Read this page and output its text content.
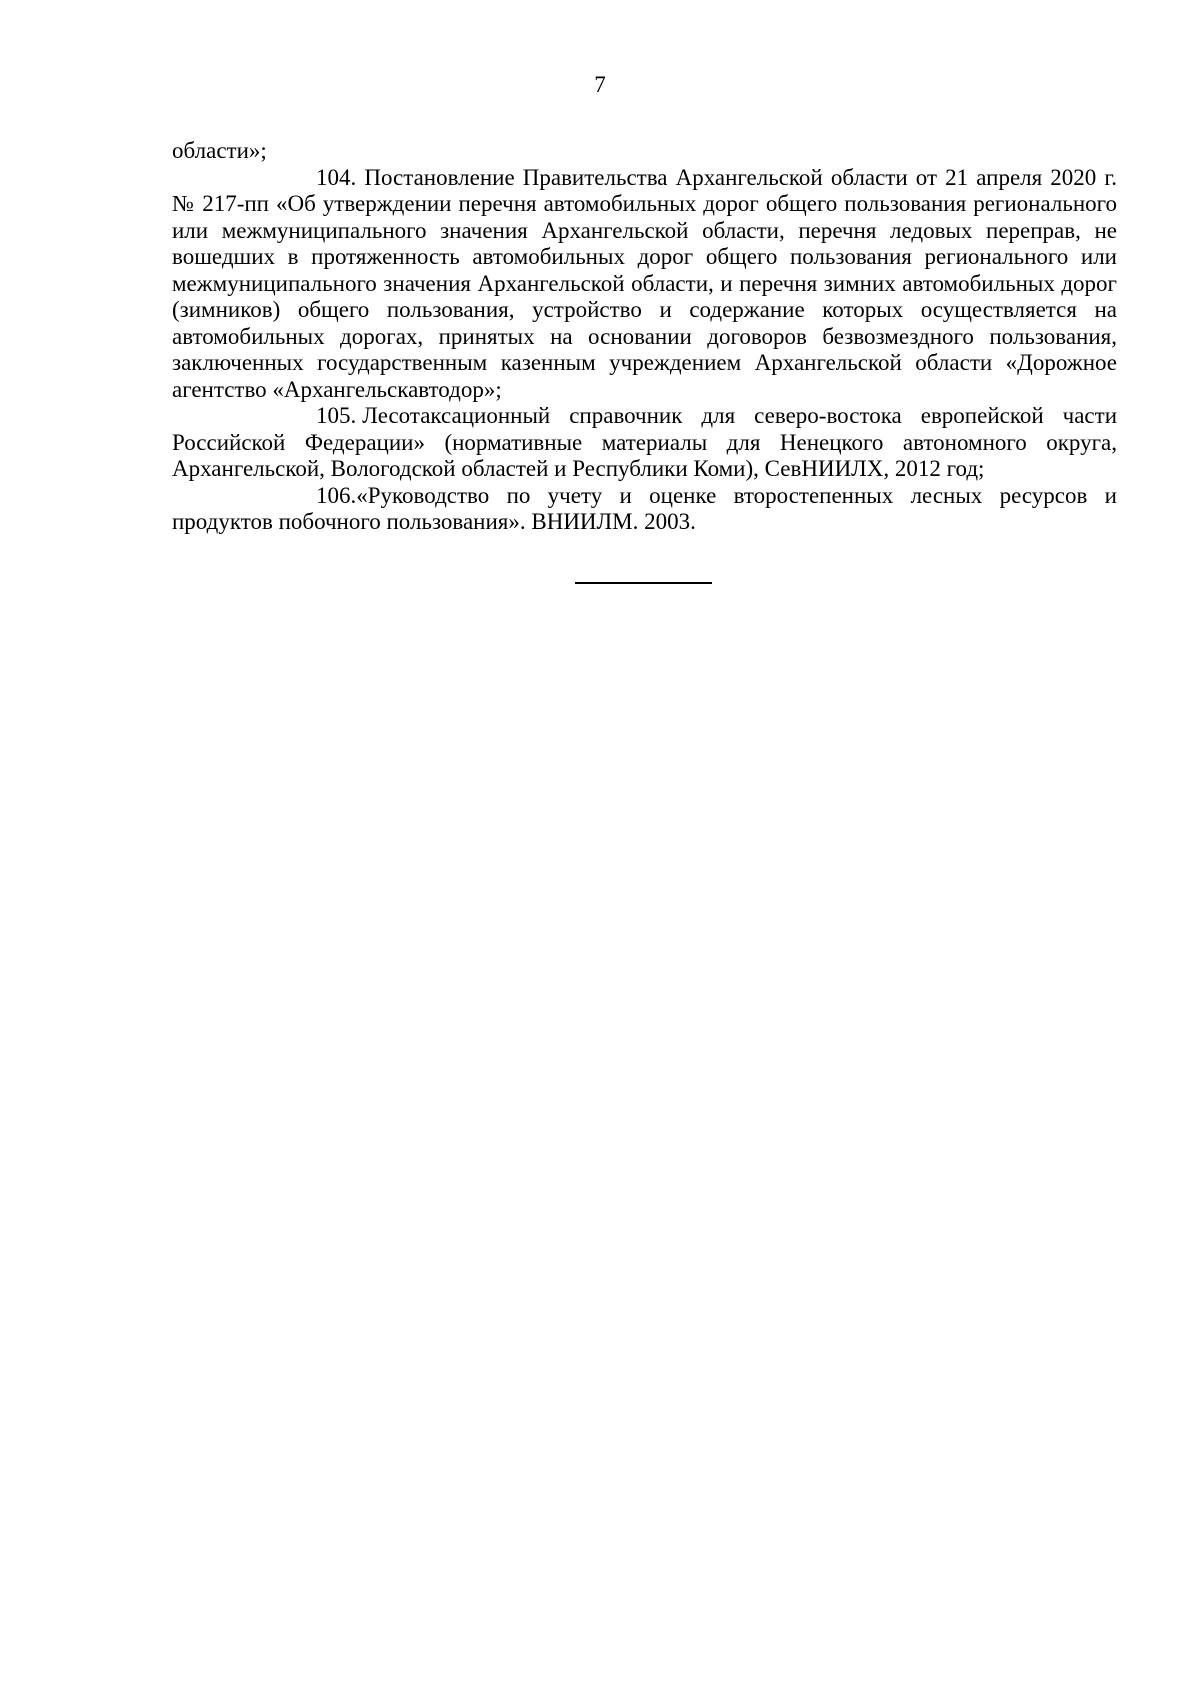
7

области»;

104. Постановление Правительства Архангельской области от 21 апреля 2020 г. № 217-пп «Об утверждении перечня автомобильных дорог общего пользования регионального или межмуниципального значения Архангельской области, перечня ледовых переправ, не вошедших в протяженность автомобильных дорог общего пользования регионального или межмуниципального значения Архангельской области, и перечня зимних автомобильных дорог (зимников) общего пользования, устройство и содержание которых осуществляется на автомобильных дорогах, принятых на основании договоров безвозмездного пользования, заключенных государственным казенным учреждением Архангельской области «Дорожное агентство «Архангельскавтодор»;

105. Лесотаксационный справочник для северо-востока европейской части Российской Федерации» (нормативные материалы для Ненецкого автономного округа, Архангельской, Вологодской областей и Республики Коми), СевНИИЛХ, 2012 год;

106.«Руководство по учету и оценке второстепенных лесных ресурсов и продуктов побочного пользования». ВНИИЛМ. 2003.
